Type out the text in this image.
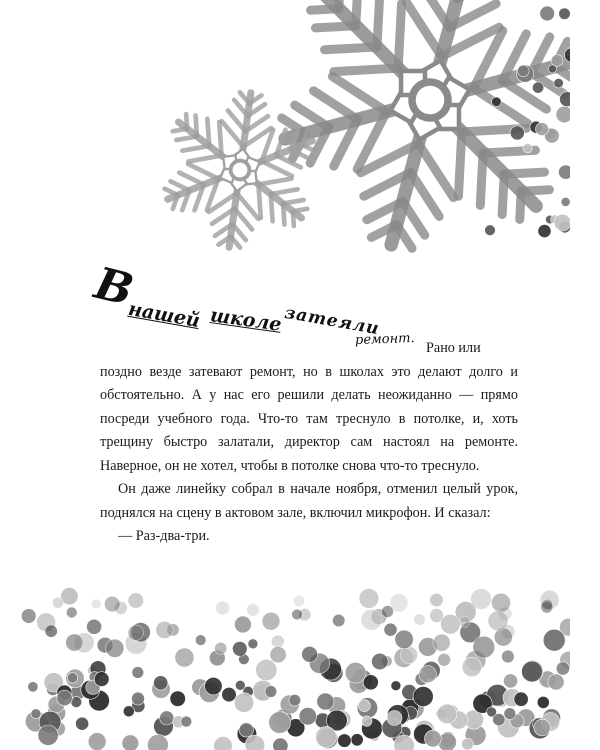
В
нашей школе затеяли
ремонт. Рано или

поздно везде затевают ремонт, но в школах это делают долго и обстоятельно. А у нас его решили делать неожиданно — прямо посреди учебного года. Что-то там треснуло в потолке, и, хоть трещину быстро залатали, директор сам настоял на ремонте. Наверное, он не хотел, чтобы в потолке снова что-то треснуло.

Он даже линейку собрал в начале ноября, отменил целый урок, поднялся на сцену в актовом зале, включил микрофон. И сказал:

— Раз-два-три.
